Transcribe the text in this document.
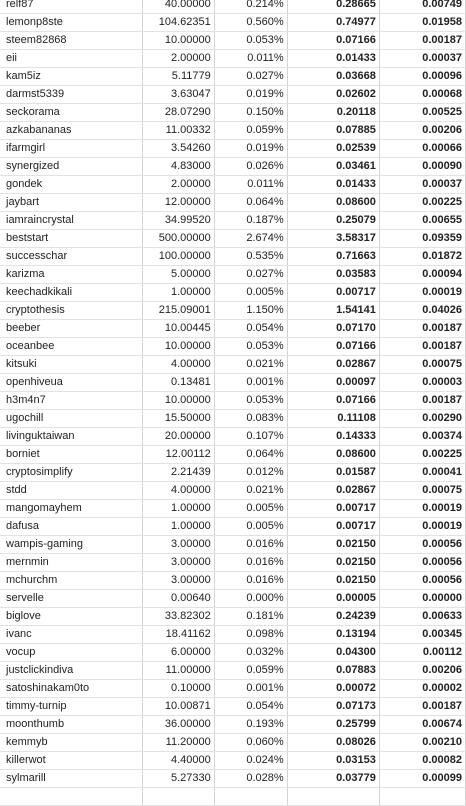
relf87	40.00000	0.214%	0.28665	0.00749
lemonp8ste	104.62351	0.560%	0.74977	0.01958
steem82868	10.00000	0.053%	0.07166	0.00187
eii	2.00000	0.011%	0.01433	0.00037
kam5iz	5.11779	0.027%	0.03668	0.00096
darmst5339	3.63047	0.019%	0.02602	0.00068
seckorama	28.07290	0.150%	0.20118	0.00525
azkabananas	11.00332	0.059%	0.07885	0.00206
ifarmgirl	3.54260	0.019%	0.02539	0.00066
synergized	4.83000	0.026%	0.03461	0.00090
gondek	2.00000	0.011%	0.01433	0.00037
jaybart	12.00000	0.064%	0.08600	0.00225
iamraincrystal	34.99520	0.187%	0.25079	0.00655
beststart	500.00000	2.674%	3.58317	0.09359
successchar	100.00000	0.535%	0.71663	0.01872
karizma	5.00000	0.027%	0.03583	0.00094
keechadkikali	1.00000	0.005%	0.00717	0.00019
cryptothesis	215.09001	1.150%	1.54141	0.04026
beeber	10.00445	0.054%	0.07170	0.00187
oceanbee	10.00000	0.053%	0.07166	0.00187
kitsuki	4.00000	0.021%	0.02867	0.00075
openhiveua	0.13481	0.001%	0.00097	0.00003
h3m4n7	10.00000	0.053%	0.07166	0.00187
ugochill	15.50000	0.083%	0.11108	0.00290
livinguktaiwan	20.00000	0.107%	0.14333	0.00374
borniet	12.00112	0.064%	0.08600	0.00225
cryptosimplify	2.21439	0.012%	0.01587	0.00041
stdd	4.00000	0.021%	0.02867	0.00075
mangomayhem	1.00000	0.005%	0.00717	0.00019
dafusa	1.00000	0.005%	0.00717	0.00019
wampis-gaming	3.00000	0.016%	0.02150	0.00056
mernmin	3.00000	0.016%	0.02150	0.00056
mchurchm	3.00000	0.016%	0.02150	0.00056
servelle	0.00640	0.000%	0.00005	0.00000
biglove	33.82302	0.181%	0.24239	0.00633
ivanc	18.41162	0.098%	0.13194	0.00345
vocup	6.00000	0.032%	0.04300	0.00112
justclickindiva	11.00000	0.059%	0.07883	0.00206
satoshinakam0to	0.10000	0.001%	0.00072	0.00002
timmy-turnip	10.00871	0.054%	0.07173	0.00187
moonthumb	36.00000	0.193%	0.25799	0.00674
kemmyb	11.20000	0.060%	0.08026	0.00210
killerwot	4.40000	0.024%	0.03153	0.00082
sylmarill	5.27330	0.028%	0.03779	0.00099
